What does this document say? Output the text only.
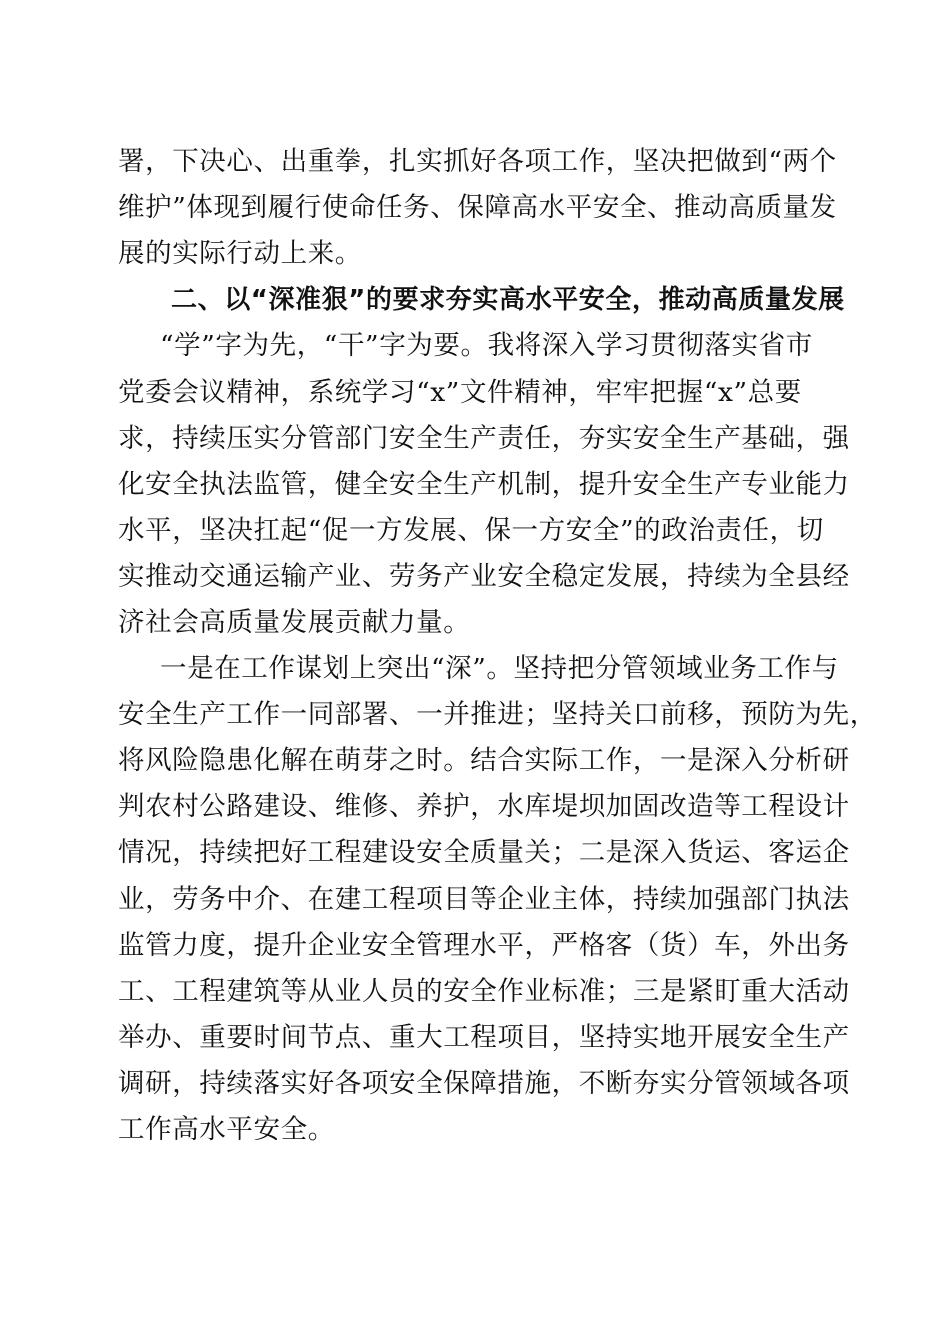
署，下决心、出重拳，扎实抓好各项工作，坚决把做到“两个

维护”体现到履行使命任务、保障高水平安全、推动高质量发

展的实际行动上来。

二、以“深准狠”的要求夯实高水平安全，推动高质量发展

“学”字为先，“干”字为要。我将深入学习贯彻落实省市

党委会议精神，系统学习“x”文件精神，牢牢把握“x”总要

求，持续压实分管部门安全生产责任，夯实安全生产基础，强

化安全执法监管，健全安全生产机制，提升安全生产专业能力

水平，坚决扛起“促一方发展、保一方安全”的政治责任，切

实推动交通运输产业、劳务产业安全稳定发展，持续为全县经

济社会高质量发展贡献力量。

一是在工作谋划上突出“深”。坚持把分管领域业务工作与

安全生产工作一同部署、一并推进；坚持关口前移，预防为先，

将风险隐患化解在萌芽之时。结合实际工作，一是深入分析研

判农村公路建设、维修、养护，水库堤坝加固改造等工程设计

情况，持续把好工程建设安全质量关；二是深入货运、客运企

业，劳务中介、在建工程项目等企业主体，持续加强部门执法

监管力度，提升企业安全管理水平，严格客（货）车，外出务

工、工程建筑等从业人员的安全作业标准；三是紧盯重大活动

举办、重要时间节点、重大工程项目，坚持实地开展安全生产

调研，持续落实好各项安全保障措施，不断夯实分管领域各项

工作高水平安全。
